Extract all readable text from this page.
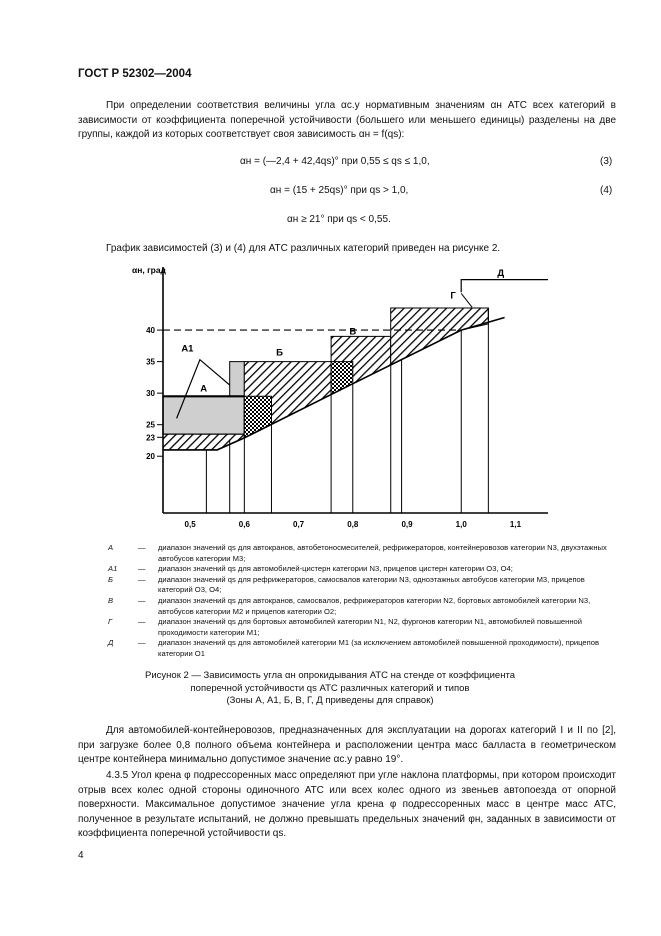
ГОСТ Р 52302—2004
При определении соответствия величины угла αс.у нормативным значениям αн АТС всех категорий в зависимости от коэффициента поперечной устойчивости (большего или меньшего единицы) разделены на две группы, каждой из которых соответствует своя зависимость αн = f(qs):
αн = (—2,4 + 42,4qs)° при 0,55 ≤ qs ≤ 1,0,	(3)
αн = (15 + 25qs)° при qs > 1,0,	(4)
αн ≥ 21° при qs < 0,55.
График зависимостей (3) и (4) для АТС различных категорий приведен на рисунке 2.
20
23
25
30
35
40
0,5	0,6	0,7	0,8	0,9	1,0	1,1
αн, град
А
А1	Б
В
Г
Д
А	—	диапазон значений qs для автокранов, автобетоносмесителей, рефрижераторов, контейнеровозов категории N3, двухэтажных автобусов категории М3;
А1	—	диапазон значений qs для автомобилей-цистерн категории N3, прицепов цистерн категории O3, O4;
Б	—	диапазон значений qs для рефрижераторов, самосвалов категории N3, одноэтажных автобусов категории М3, прицепов категорий O3, O4;
В	—	диапазон значений qs для автокранов, самосвалов, рефрижераторов категории N2, бортовых автомобилей категории N3, автобусов категории М2 и прицепов категории O2;
Г	—	диапазон значений qs для бортовых автомобилей категории N1, N2, фургонов категории N1, автомобилей повышенной проходимости категории М1;
Д	—	диапазон значений qs для автомобилей категории М1 (за исключением автомобилей повышенной проходимости), прицепов категории O1
Рисунок 2 — Зависимость угла αн опрокидывания АТС на стенде от коэффициента
поперечной устойчивости qs АТС различных категорий и типов
(Зоны А, А1, Б, В, Г, Д приведены для справок)
Для автомобилей-контейнеровозов, предназначенных для эксплуатации на дорогах категорий I и II по [2], при загрузке более 0,8 полного объема контейнера и расположении центра масс балласта в геометрическом центре контейнера минимально допустимое значение αс.у равно 19°.
4.3.5 Угол крена φ подрессоренных масс определяют при угле наклона платформы, при котором происходит отрыв всех колес одной стороны одиночного АТС или всех колес одного из звеньев автопоезда от опорной поверхности. Максимальное допустимое значение угла крена φ подрессоренных масс в центре масс АТС, полученное в результате испытаний, не должно превышать предельных значений φн, заданных в зависимости от коэффициента поперечной устойчивости qs.
4
